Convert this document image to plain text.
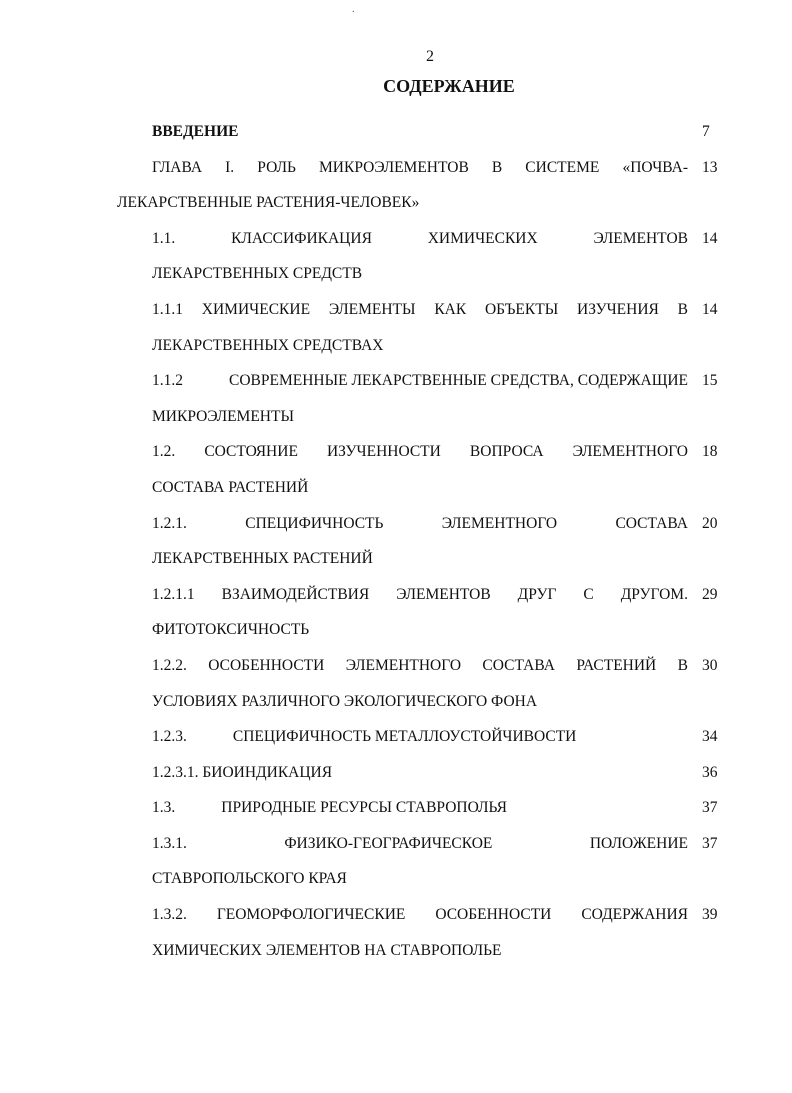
.
2
СОДЕРЖАНИЕ
ВВЕДЕНИЕ	7
ГЛАВА I. РОЛЬ МИКРОЭЛЕМЕНТОВ В СИСТЕМЕ «ПОЧВА- 13
ЛЕКАРСТВЕННЫЕ РАСТЕНИЯ-ЧЕЛОВЕК»
1.1.	КЛАССИФИКАЦИЯ	ХИМИЧЕСКИХ	ЭЛЕМЕНТОВ 14
ЛЕКАРСТВЕННЫХ СРЕДСТВ
1.1.1 ХИМИЧЕСКИЕ ЭЛЕМЕНТЫ КАК ОБЪЕКТЫ ИЗУЧЕНИЯ В 14
ЛЕКАРСТВЕННЫХ СРЕДСТВАХ
1.1.2	СОВРЕМЕННЫЕ ЛЕКАРСТВЕННЫЕ СРЕДСТВА, СОДЕРЖАЩИЕ 15
МИКРОЭЛЕМЕНТЫ
1.2. СОСТОЯНИЕ ИЗУЧЕННОСТИ ВОПРОСА ЭЛЕМЕНТНОГО 18
СОСТАВА РАСТЕНИЙ
1.2.1.	СПЕЦИФИЧНОСТЬ	ЭЛЕМЕНТНОГО	СОСТАВА 20
ЛЕКАРСТВЕННЫХ РАСТЕНИЙ
1.2.1.1 ВЗАИМОДЕЙСТВИЯ ЭЛЕМЕНТОВ ДРУГ С ДРУГОМ. 29
ФИТОТОКСИЧНОСТЬ
1.2.2. ОСОБЕННОСТИ ЭЛЕМЕНТНОГО СОСТАВА РАСТЕНИЙ В 30
УСЛОВИЯХ РАЗЛИЧНОГО ЭКОЛОГИЧЕСКОГО ФОНА
1.2.3.	СПЕЦИФИЧНОСТЬ МЕТАЛЛОУСТОЙЧИВОСТИ	34
1.2.3.1. БИОИНДИКАЦИЯ	36
1.3.	ПРИРОДНЫЕ РЕСУРСЫ СТАВРОПОЛЬЯ	37
1.3.1.	ФИЗИКО-ГЕОГРАФИЧЕСКОЕ	ПОЛОЖЕНИЕ 37
СТАВРОПОЛЬСКОГО КРАЯ
1.3.2. ГЕОМОРФОЛОГИЧЕСКИЕ ОСОБЕННОСТИ СОДЕРЖАНИЯ 39
ХИМИЧЕСКИХ ЭЛЕМЕНТОВ НА СТАВРОПОЛЬЕ
